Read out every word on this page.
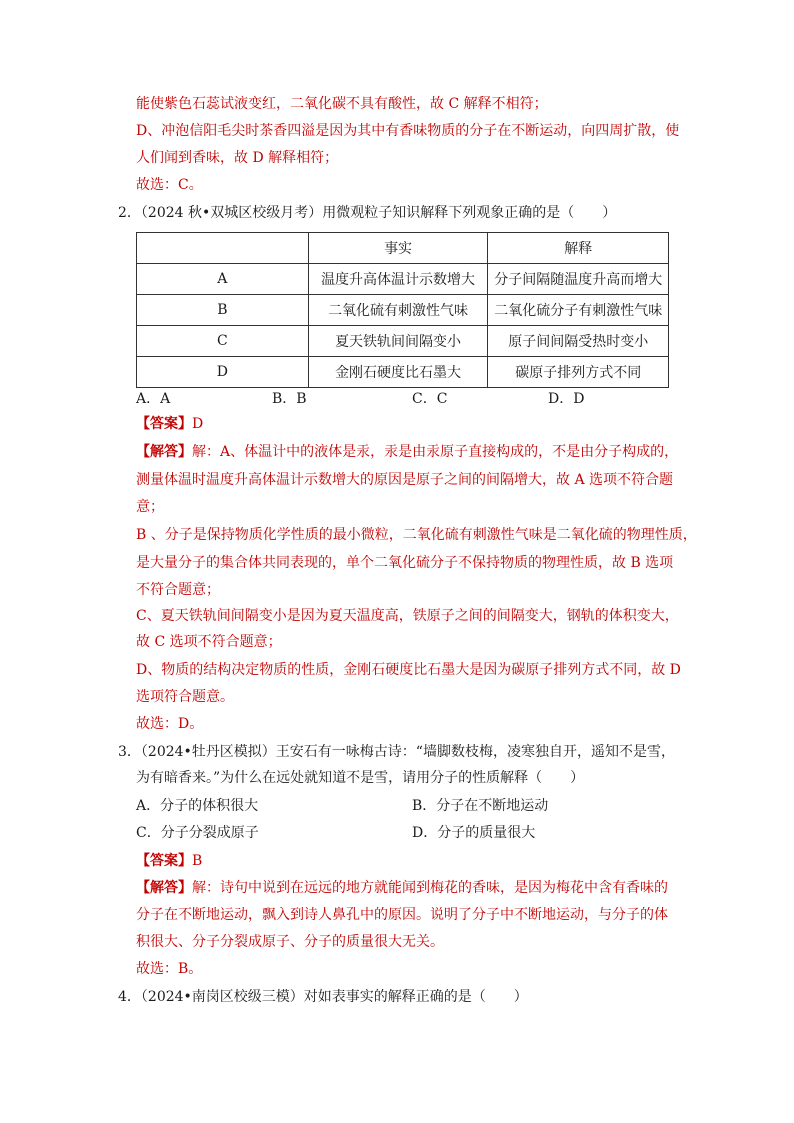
能使紫色石蕊试液变红，二氧化碳不具有酸性，故 C 解释不相符；
D、冲泡信阳毛尖时茶香四溢是因为其中有香味物质的分子在不断运动，向四周扩散，使
人们闻到香味，故 D 解释相符；
故选：C。
2．（2024 秋•双城区校级月考）用微观粒子知识解释下列观象正确的是（　　）
	事实	解释
A	温度升高体温计示数增大	分子间隔随温度升高而增大
B	二氧化硫有刺激性气味	二氧化硫分子有刺激性气味
C	夏天铁轨间间隔变小	原子间间隔受热时变小
D	金刚石硬度比石墨大	碳原子排列方式不同
A．A	B．B	C．C	D．D
【答案】D
【解答】解：A、体温计中的液体是汞，汞是由汞原子直接构成的，不是由分子构成的，
测量体温时温度升高体温计示数增大的原因是原子之间的间隔增大，故 A 选项不符合题
意；
B 、分子是保持物质化学性质的最小微粒，二氧化硫有刺激性气味是二氧化硫的物理性质，
是大量分子的集合体共同表现的，单个二氧化硫分子不保持物质的物理性质，故 B 选项
不符合题意；
C、夏天铁轨间间隔变小是因为夏天温度高，铁原子之间的间隔变大，钢轨的体积变大，
故 C 选项不符合题意；
D、物质的结构决定物质的性质，金刚石硬度比石墨大是因为碳原子排列方式不同，故 D
选项符合题意。
故选：D。
3．（2024•牡丹区模拟）王安石有一咏梅古诗：“墙脚数枝梅，凌寒独自开，遥知不是雪，
为有暗香来。”为什么在远处就知道不是雪，请用分子的性质解释（　　）
A．分子的体积很大	B．分子在不断地运动
C．分子分裂成原子	D．分子的质量很大
【答案】B
【解答】解：诗句中说到在远远的地方就能闻到梅花的香味，是因为梅花中含有香味的
分子在不断地运动，飘入到诗人鼻孔中的原因。说明了分子中不断地运动，与分子的体
积很大、分子分裂成原子、分子的质量很大无关。
故选：B。
4．（2024•南岗区校级三模）对如表事实的解释正确的是（　　）
